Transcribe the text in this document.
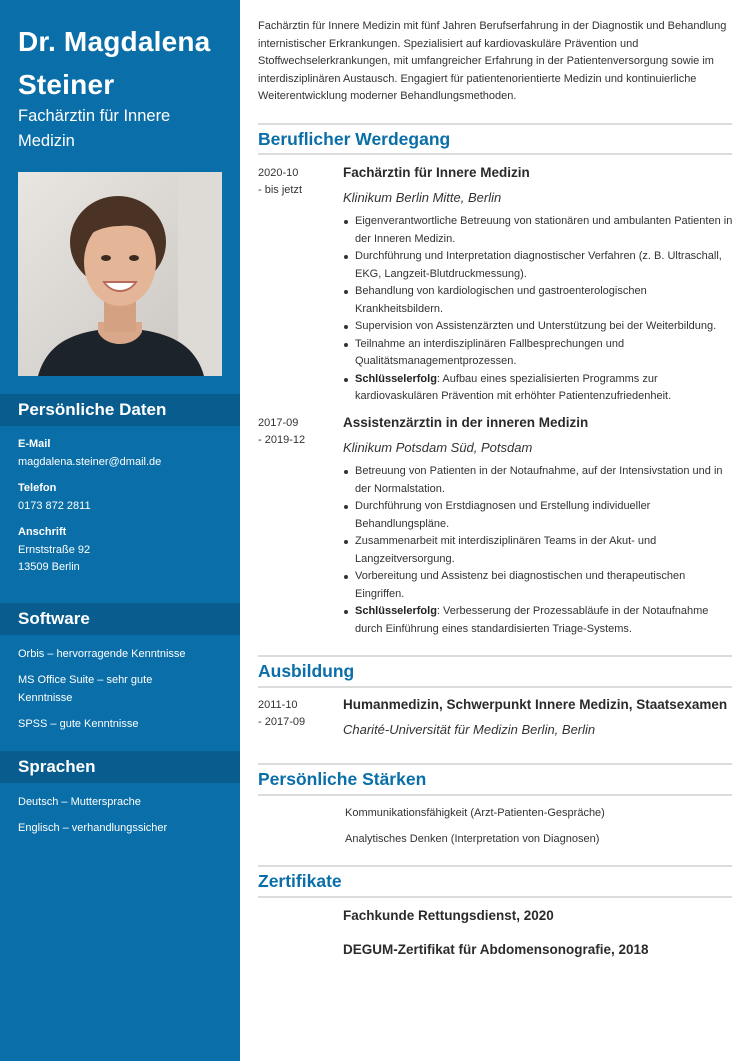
Dr. Magdalena Steiner
Fachärztin für Innere Medizin
Persönliche Daten
E-Mail
magdalena.steiner@dmail.de
Telefon
0173 872 2811
Anschrift
Ernststraße 92
13509 Berlin
Software
Orbis – hervorragende Kenntnisse
MS Office Suite – sehr gute Kenntnisse
SPSS – gute Kenntnisse
Sprachen
Deutsch – Muttersprache
Englisch – verhandlungssicher

Fachärztin für Innere Medizin mit fünf Jahren Berufserfahrung in der Diagnostik und Behandlung internistischer Erkrankungen. Spezialisiert auf kardiovaskuläre Prävention und Stoffwechselerkrankungen, mit umfangreicher Erfahrung in der Patientenversorgung sowie im interdisziplinären Austausch. Engagiert für patientenorientierte Medizin und kontinuierliche Weiterentwicklung moderner Behandlungsmethoden.

Beruflicher Werdegang
2020-10
- bis jetzt
Fachärztin für Innere Medizin
Klinikum Berlin Mitte, Berlin
Eigenverantwortliche Betreuung von stationären und ambulanten Patienten in der Inneren Medizin.
Durchführung und Interpretation diagnostischer Verfahren (z. B. Ultraschall, EKG, Langzeit-Blutdruckmessung).
Behandlung von kardiologischen und gastroenterologischen Krankheitsbildern.
Supervision von Assistenzärzten und Unterstützung bei der Weiterbildung.
Teilnahme an interdisziplinären Fallbesprechungen und Qualitätsmanagementprozessen.
Schlüsselerfolg: Aufbau eines spezialisierten Programms zur kardiovaskulären Prävention mit erhöhter Patientenzufriedenheit.
2017-09
- 2019-12
Assistenzärztin in der inneren Medizin
Klinikum Potsdam Süd, Potsdam
Betreuung von Patienten in der Notaufnahme, auf der Intensivstation und in der Normalstation.
Durchführung von Erstdiagnosen und Erstellung individueller Behandlungspläne.
Zusammenarbeit mit interdisziplinären Teams in der Akut- und Langzeitversorgung.
Vorbereitung und Assistenz bei diagnostischen und therapeutischen Eingriffen.
Schlüsselerfolg: Verbesserung der Prozessabläufe in der Notaufnahme durch Einführung eines standardisierten Triage-Systems.
Ausbildung
2011-10
- 2017-09
Humanmedizin, Schwerpunkt Innere Medizin, Staatsexamen
Charité-Universität für Medizin Berlin, Berlin
Persönliche Stärken
Kommunikationsfähigkeit (Arzt-Patienten-Gespräche)
Analytisches Denken (Interpretation von Diagnosen)
Zertifikate
Fachkunde Rettungsdienst, 2020
DEGUM-Zertifikat für Abdomensonografie, 2018
